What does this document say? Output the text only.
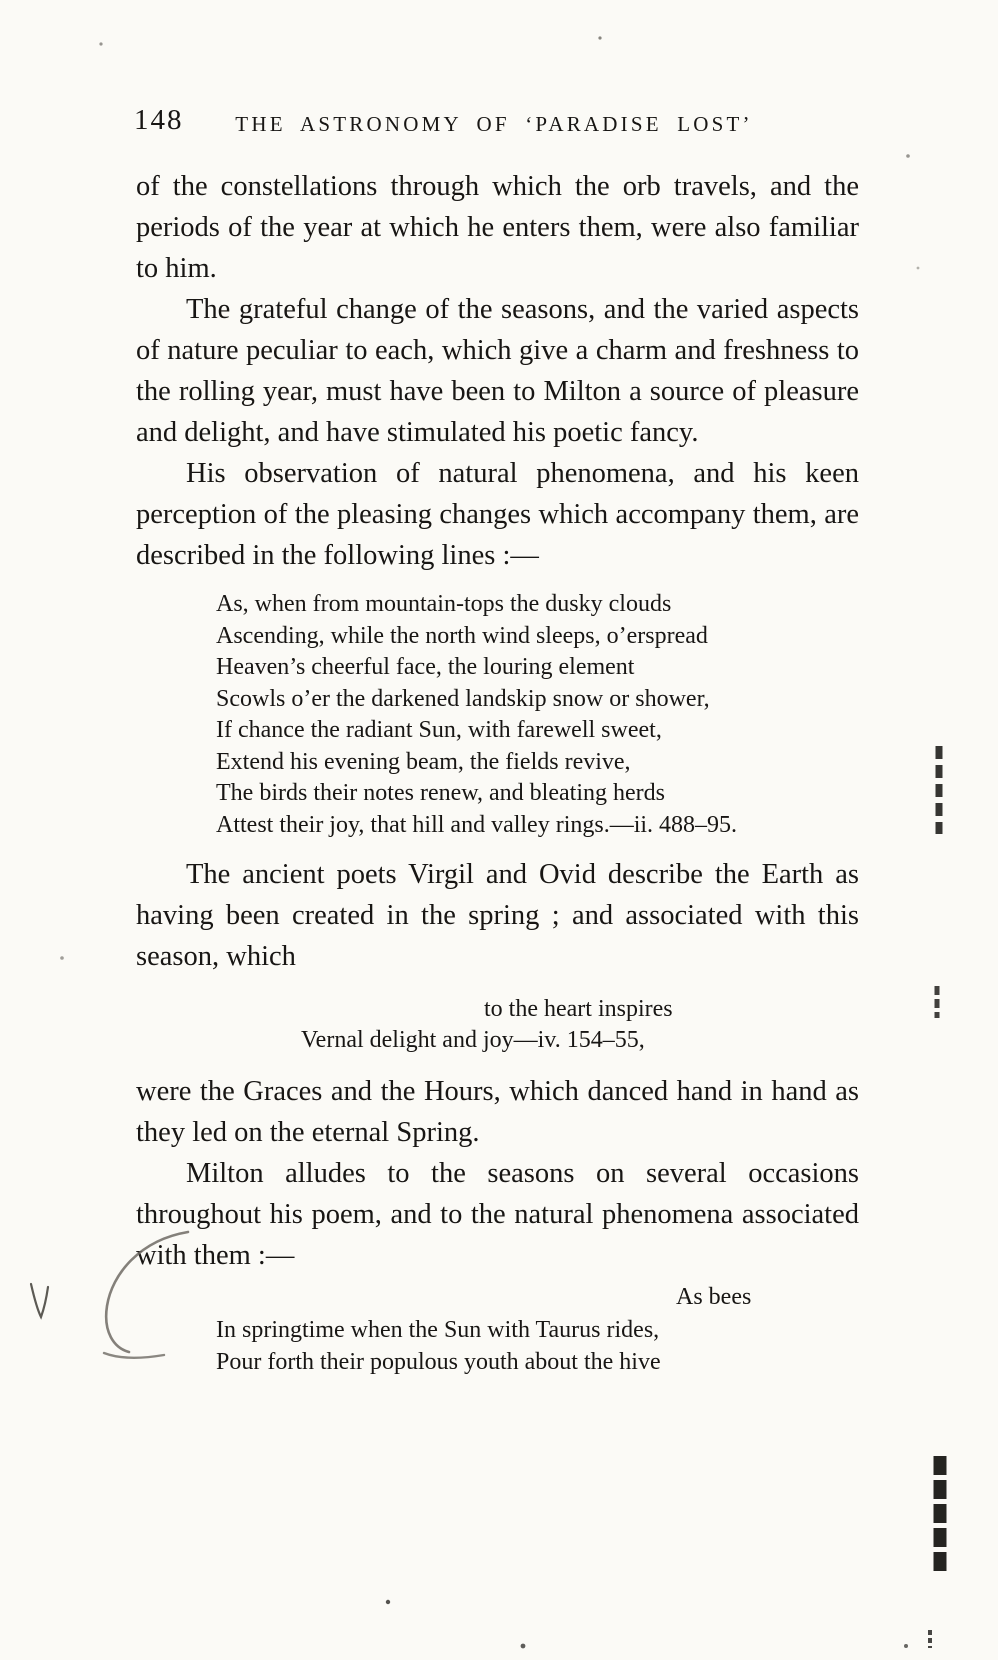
148 THE ASTRONOMY OF ‘PARADISE LOST’

of the constellations through which the orb travels, and the periods of the year at which he enters them, were also familiar to him.

The grateful change of the seasons, and the varied aspects of nature peculiar to each, which give a charm and freshness to the rolling year, must have been to Milton a source of pleasure and delight, and have stimulated his poetic fancy.

His observation of natural phenomena, and his keen perception of the pleasing changes which accompany them, are described in the following lines :—

As, when from mountain-tops the dusky clouds
Ascending, while the north wind sleeps, o’erspread
Heaven’s cheerful face, the louring element
Scowls o’er the darkened landskip snow or shower,
If chance the radiant Sun, with farewell sweet,
Extend his evening beam, the fields revive,
The birds their notes renew, and bleating herds
Attest their joy, that hill and valley rings.—ii. 488–95.

The ancient poets Virgil and Ovid describe the Earth as having been created in the spring ; and associated with this season, which

to the heart inspires
Vernal delight and joy—iv. 154–55,

were the Graces and the Hours, which danced hand in hand as they led on the eternal Spring.

Milton alludes to the seasons on several occasions throughout his poem, and to the natural phenomena associated with them :—

As bees
In springtime when the Sun with Taurus rides,
Pour forth their populous youth about the hive
